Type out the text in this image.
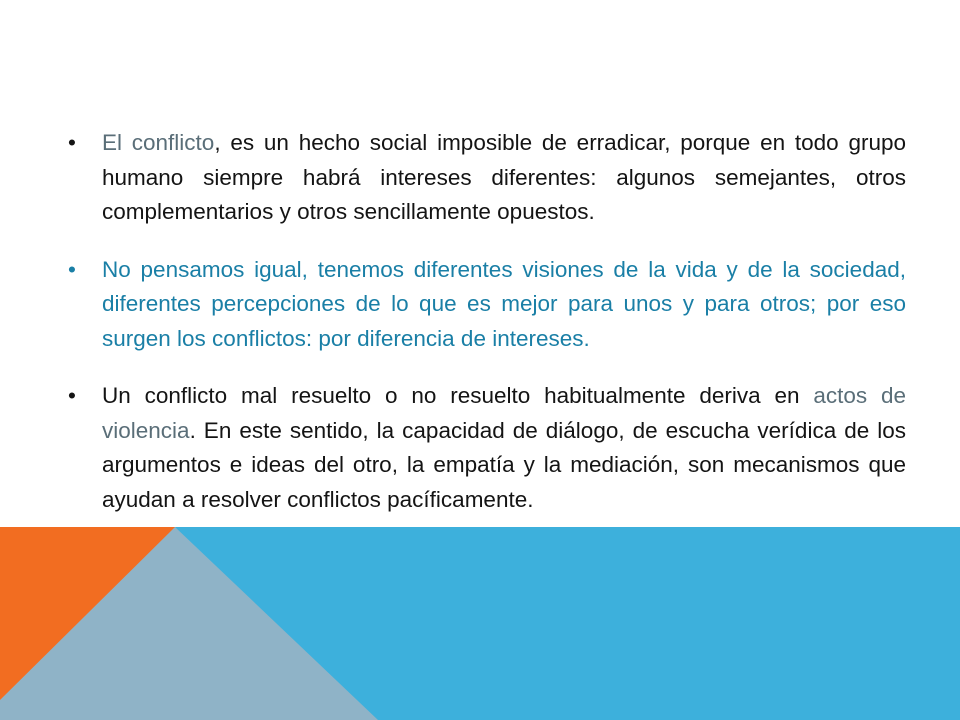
•	El conflicto, es un hecho social imposible de erradicar, porque en todo grupo humano siempre habrá intereses diferentes: algunos semejantes, otros complementarios y otros sencillamente opuestos.
•	No pensamos igual, tenemos diferentes visiones de la vida y de la sociedad, diferentes percepciones de lo que es mejor para unos y para otros; por eso surgen los conflictos: por diferencia de intereses.
•	Un conflicto mal resuelto o no resuelto habitualmente deriva en actos de violencia. En este sentido, la capacidad de diálogo, de escucha verídica de los argumentos e ideas del otro, la empatía y la mediación, son mecanismos que ayudan a resolver conflictos pacíficamente.
